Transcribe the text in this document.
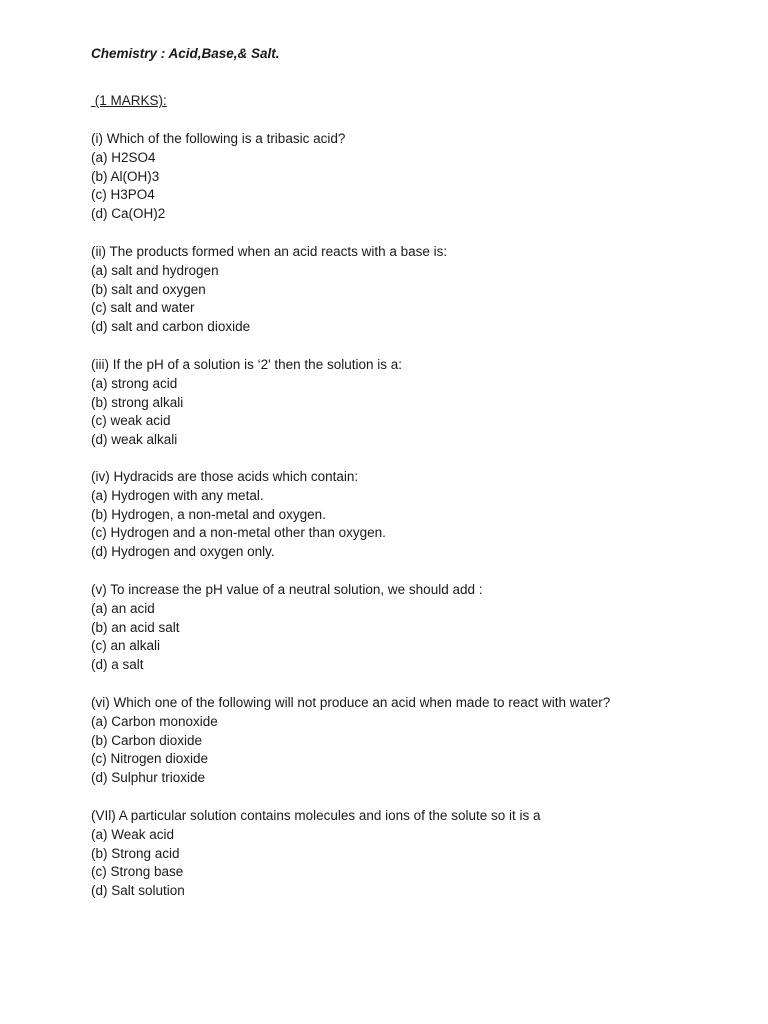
Chemistry : Acid,Base,& Salt.
(1 MARKS):
(i) Which of the following is a tribasic acid?
(a) H2SO4
(b) Al(OH)3
(c) H3PO4
(d) Ca(OH)2
(ii) The products formed when an acid reacts with a base is:
(a) salt and hydrogen
(b) salt and oxygen
(c) salt and water
(d) salt and carbon dioxide
(iii) If the pH of a solution is ‘2' then the solution is a:
(a) strong acid
(b) strong alkali
(c) weak acid
(d) weak alkali
(iv) Hydracids are those acids which contain:
(a) Hydrogen with any metal.
(b) Hydrogen, a non-metal and oxygen.
(c) Hydrogen and a non-metal other than oxygen.
(d) Hydrogen and oxygen only.
(v) To increase the pH value of a neutral solution, we should add :
(a) an acid
(b) an acid salt
(c) an alkali
(d) a salt
(vi) Which one of the following will not produce an acid when made to react with water?
(a) Carbon monoxide
(b) Carbon dioxide
(c) Nitrogen dioxide
(d) Sulphur trioxide
(VIl) A particular solution contains molecules and ions of the solute so it is a
(a) Weak acid
(b) Strong acid
(c) Strong base
(d) Salt solution
